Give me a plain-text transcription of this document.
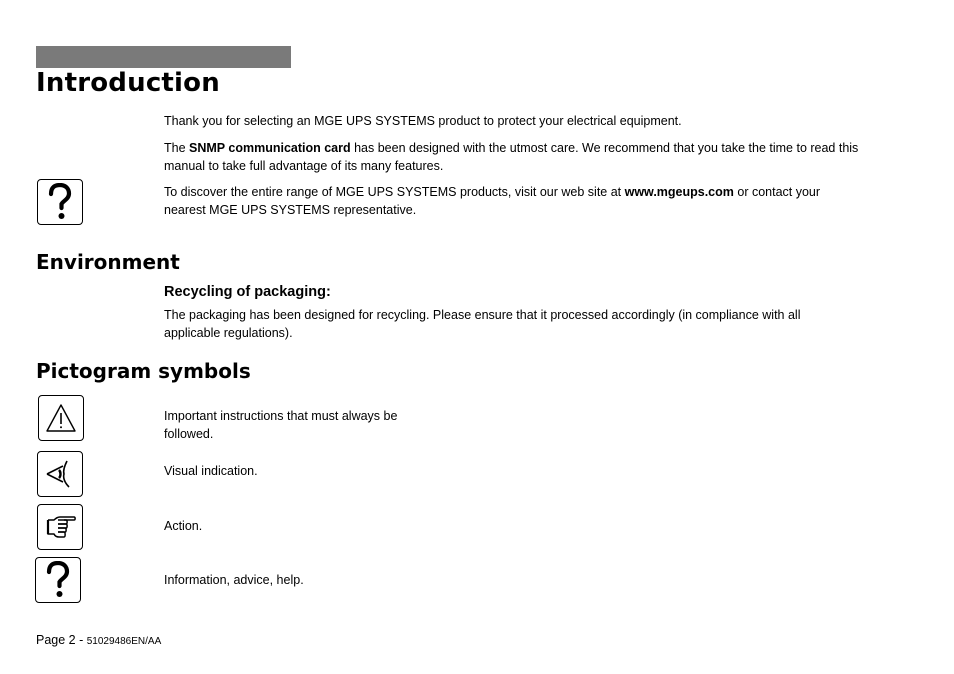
Introduction

Thank you for selecting an MGE UPS SYSTEMS product to protect your electrical equipment.

The SNMP communication card has been designed with the utmost care. We recommend that you take the time to read this manual to take full advantage of its many features.

To discover the entire range of MGE UPS SYSTEMS products, visit our web site at www.mgeups.com or contact your nearest MGE UPS SYSTEMS representative.

Environment
Recycling of packaging:

The packaging has been designed for recycling. Please ensure that it processed accordingly (in compliance with all applicable regulations).

Pictogram symbols

Important instructions that must always be followed.

Visual indication.

Action.

Information, advice, help.

Page 2 - 51029486EN/AA
